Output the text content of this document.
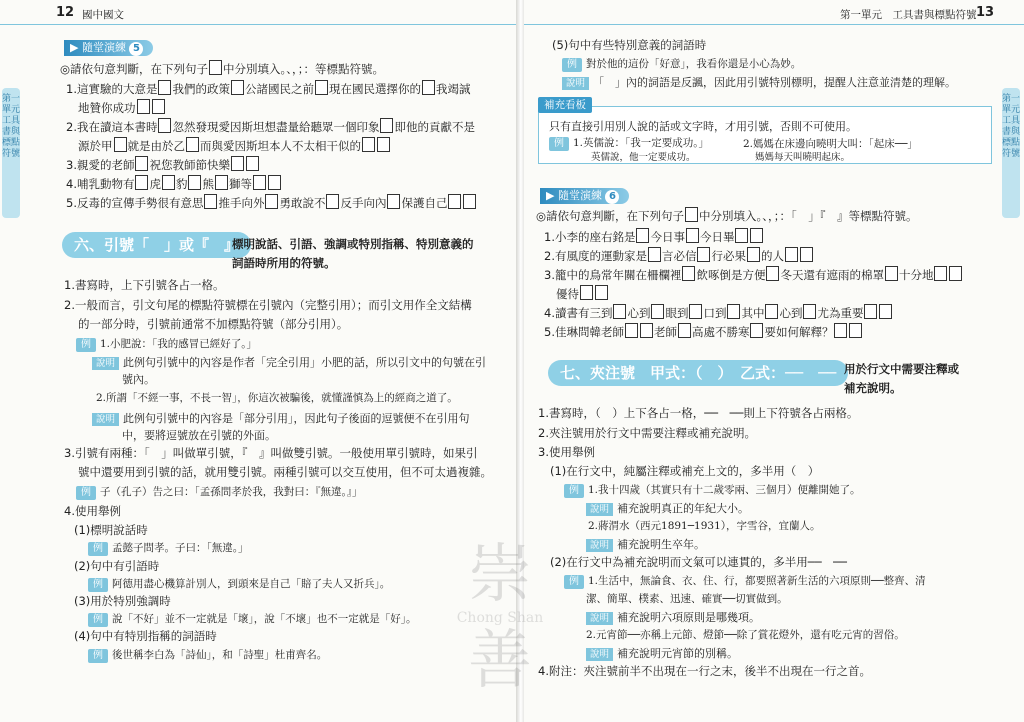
12 國中國文
第一單元 工具書與標點符號
▶ 隨堂演練 5
◎請依句意判斷，在下列句子 中分別填入。、，；：等標點符號。
1.這實驗的大意是 我們的政策 公諸國民之前 現在國民選擇你的 我竭誠
地贊你成功
2.我在讀這本書時 忽然發現愛因斯坦想盡量給聽眾一個印象 即他的貢獻不是
源於甲 就是由於乙 而與愛因斯坦本人不太相干似的
3.親愛的老師 祝您教師節快樂
4.哺乳動物有 虎 豹 熊 獅等
5.反毒的宣傳手勢很有意思 推手向外 勇敢說不 反手向內 保護自己
六、引號「　」或『　』
標明說話、引語、強調或特別指稱、特別意義的
詞語時所用的符號。
1.書寫時，上下引號各占一格。
2.一般而言，引文句尾的標點符號標在引號內（完整引用）；而引文用作全文結構
的一部分時，引號前通常不加標點符號（部分引用）。
例 1.小肥說：「我的感冒已經好了。」
說明 此例句引號中的內容是作者「完全引用」小肥的話，所以引文中的句號在引
號內。
2.所謂「不經一事，不長一智」，你這次被騙後，就懂謹慎為上的經商之道了。
說明 此例句引號中的內容是「部分引用」，因此句子後面的逗號便不在引用句
中，要將逗號放在引號的外面。
3.引號有兩種：「　」叫做單引號，『　』叫做雙引號。一般使用單引號時，如果引
號中還要用到引號的話，就用雙引號。兩種引號可以交互使用，但不可太過複雜。
例 子（孔子）告之曰：「孟孫問孝於我，我對曰：『無違。』」
4.使用舉例
(1)標明說話時
例 孟懿子問孝。子曰：「無違。」
(2)句中有引語時
例 阿德用盡心機算計別人，到頭來是自己「賠了夫人又折兵」。
(3)用於特別強調時
例 說「不好」並不一定就是「壞」，說「不壞」也不一定就是「好」。
(4)句中有特別指稱的詞語時
例 後世稱李白為「詩仙」，和「詩聖」杜甫齊名。
第一單元　工具書與標點符號 13
第一單元 工具書與標點符號
(5)句中有些特別意義的詞語時
例 對於他的這份「好意」，我看你還是小心為妙。
說明 「　」內的詞語是反諷，因此用引號特別標明，提醒人注意並清楚的理解。
補充看板
只有直接引用別人說的話或文字時，才用引號，否則不可使用。
例 1.英儒說：「我一定要成功。」
英儒說，他一定要成功。
2.媽媽在床邊向曉明大叫：「起床──」
媽媽每天叫曉明起床。
▶ 隨堂演練 6
◎請依句意判斷，在下列句子 中分別填入。、，；：「　」『　』等標點符號。
1.小李的座右銘是 今日事 今日畢
2.有風度的運動家是 言必信 行必果 的人
3.籠中的鳥常年關在柵欄裡 飲啄倒是方便 冬天還有遮雨的棉罩 十分地
優待
4.讀書有三到 心到 眼到 口到 其中 心到 尤為重要
5.佳琳問韓老師	老師 高處不勝寒 要如何解釋？
七、夾注號　甲式：（　）　乙式：──　── 用於行文中需要注釋或
補充說明。
1.書寫時，（　）上下各占一格，──　──則上下符號各占兩格。
2.夾注號用於行文中需要注釋或補充說明。
3.使用舉例
(1)在行文中，純屬注釋或補充上文的，多半用（　）
例 1.我十四歲（其實只有十二歲零兩、三個月）便離開她了。
說明 補充說明真正的年紀大小。
2.蔣渭水（西元1891─1931），字雪谷，宜蘭人。
說明 補充說明生卒年。
(2)在行文中為補充說明而文氣可以連貫的，多半用──　──
例 1.生活中，無論食、衣、住、行，都要照著新生活的六項原則──整齊、清
潔、簡單、樸素、迅速、確實──切實做到。
說明 補充說明六項原則是哪幾項。
2.元宵節──亦稱上元節、燈節──除了賞花燈外，還有吃元宵的習俗。
說明 補充說明元宵節的別稱。
4.附注：夾注號前半不出現在一行之末，後半不出現在一行之首。
崇
Chong Shan
善
